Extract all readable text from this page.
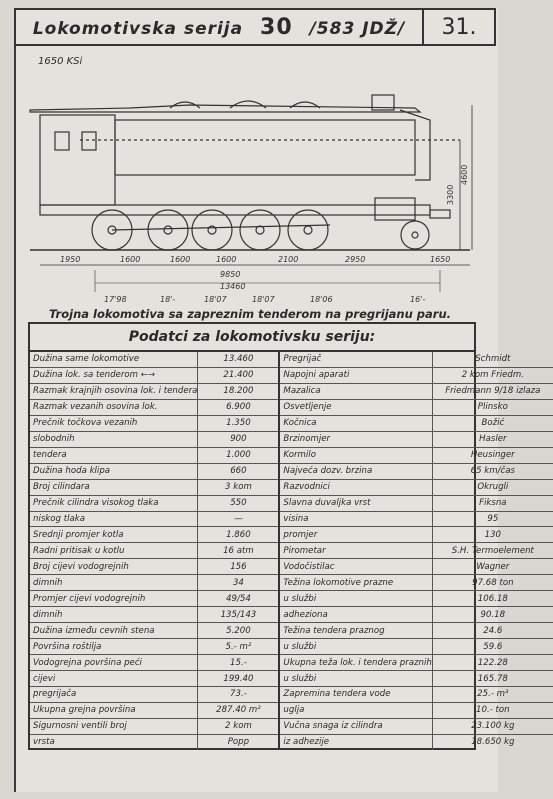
Lokomotivska serija 30 /583 JDŽ/	31.
1650 KSi
3300
4600
1950	1600	1600	1600	2100	2950	1650
9850
13460
17'98	18'-	18'07	18'07	18'06	16'-
Trojna lokomotiva sa zapreznim tenderom na pregrijanu paru.
Podatci za lokomotivsku seriju:
Dužina same lokomotive	13.460
Dužina lok. sa tenderom ←→	21.400
Razmak krajnjih osovina lok. i tendera	18.200
Razmak vezanih osovina lok.	6.900
Prečnik točkova vezanih	1.350
slobodnih	900
tendera	1.000
Dužina hoda klipa	660
Broj cilindara	3 kom
Prečnik cilindra visokog tlaka	550
niskog tlaka	—
Srednji promjer kotla	1.860
Radni pritisak u kotlu	16 atm
Broj cijevi vodogrejnih	156
dimnih	34
Promjer cijevi vodogrejnih	49/54
dimnih	135/143
Dužina između cevnih stena	5.200
Površina roštilja	5.- m²
Vodogrejna površina peći	15.-
cijevi	199.40
pregrijača	73.-
Ukupna grejna površina	287.40 m²
Sigurnosni ventili broj	2 kom
vrsta	Popp
Pregrijač	Schmidt
Napojni aparati	2 kom Friedm.
Mazalica	Friedmann 9/18 izlaza
Osvetljenje	Plinsko
Kočnica	Božić
Brzinomjer	Hasler
Kormilo	Heusinger
Najveća dozv. brzina	65 km/čas
Razvodnici	Okrugli
Slavna duvaljka vrst	Fiksna
visina	95
promjer	130
Pirometar	S.H. Termoelement
Vodočistilac	Wagner
Težina lokomotive prazne	97.68 ton
u službi	106.18
adheziona	90.18
Težina tendera praznog	24.6
u službi	59.6
Ukupna teža lok. i tendera praznih	122.28
u službi	165.78
Zapremina tendera vode	25.- m³
uglja	10.- ton
Vučna snaga iz cilindra	23.100 kg
iz adhezije	18.650 kg
